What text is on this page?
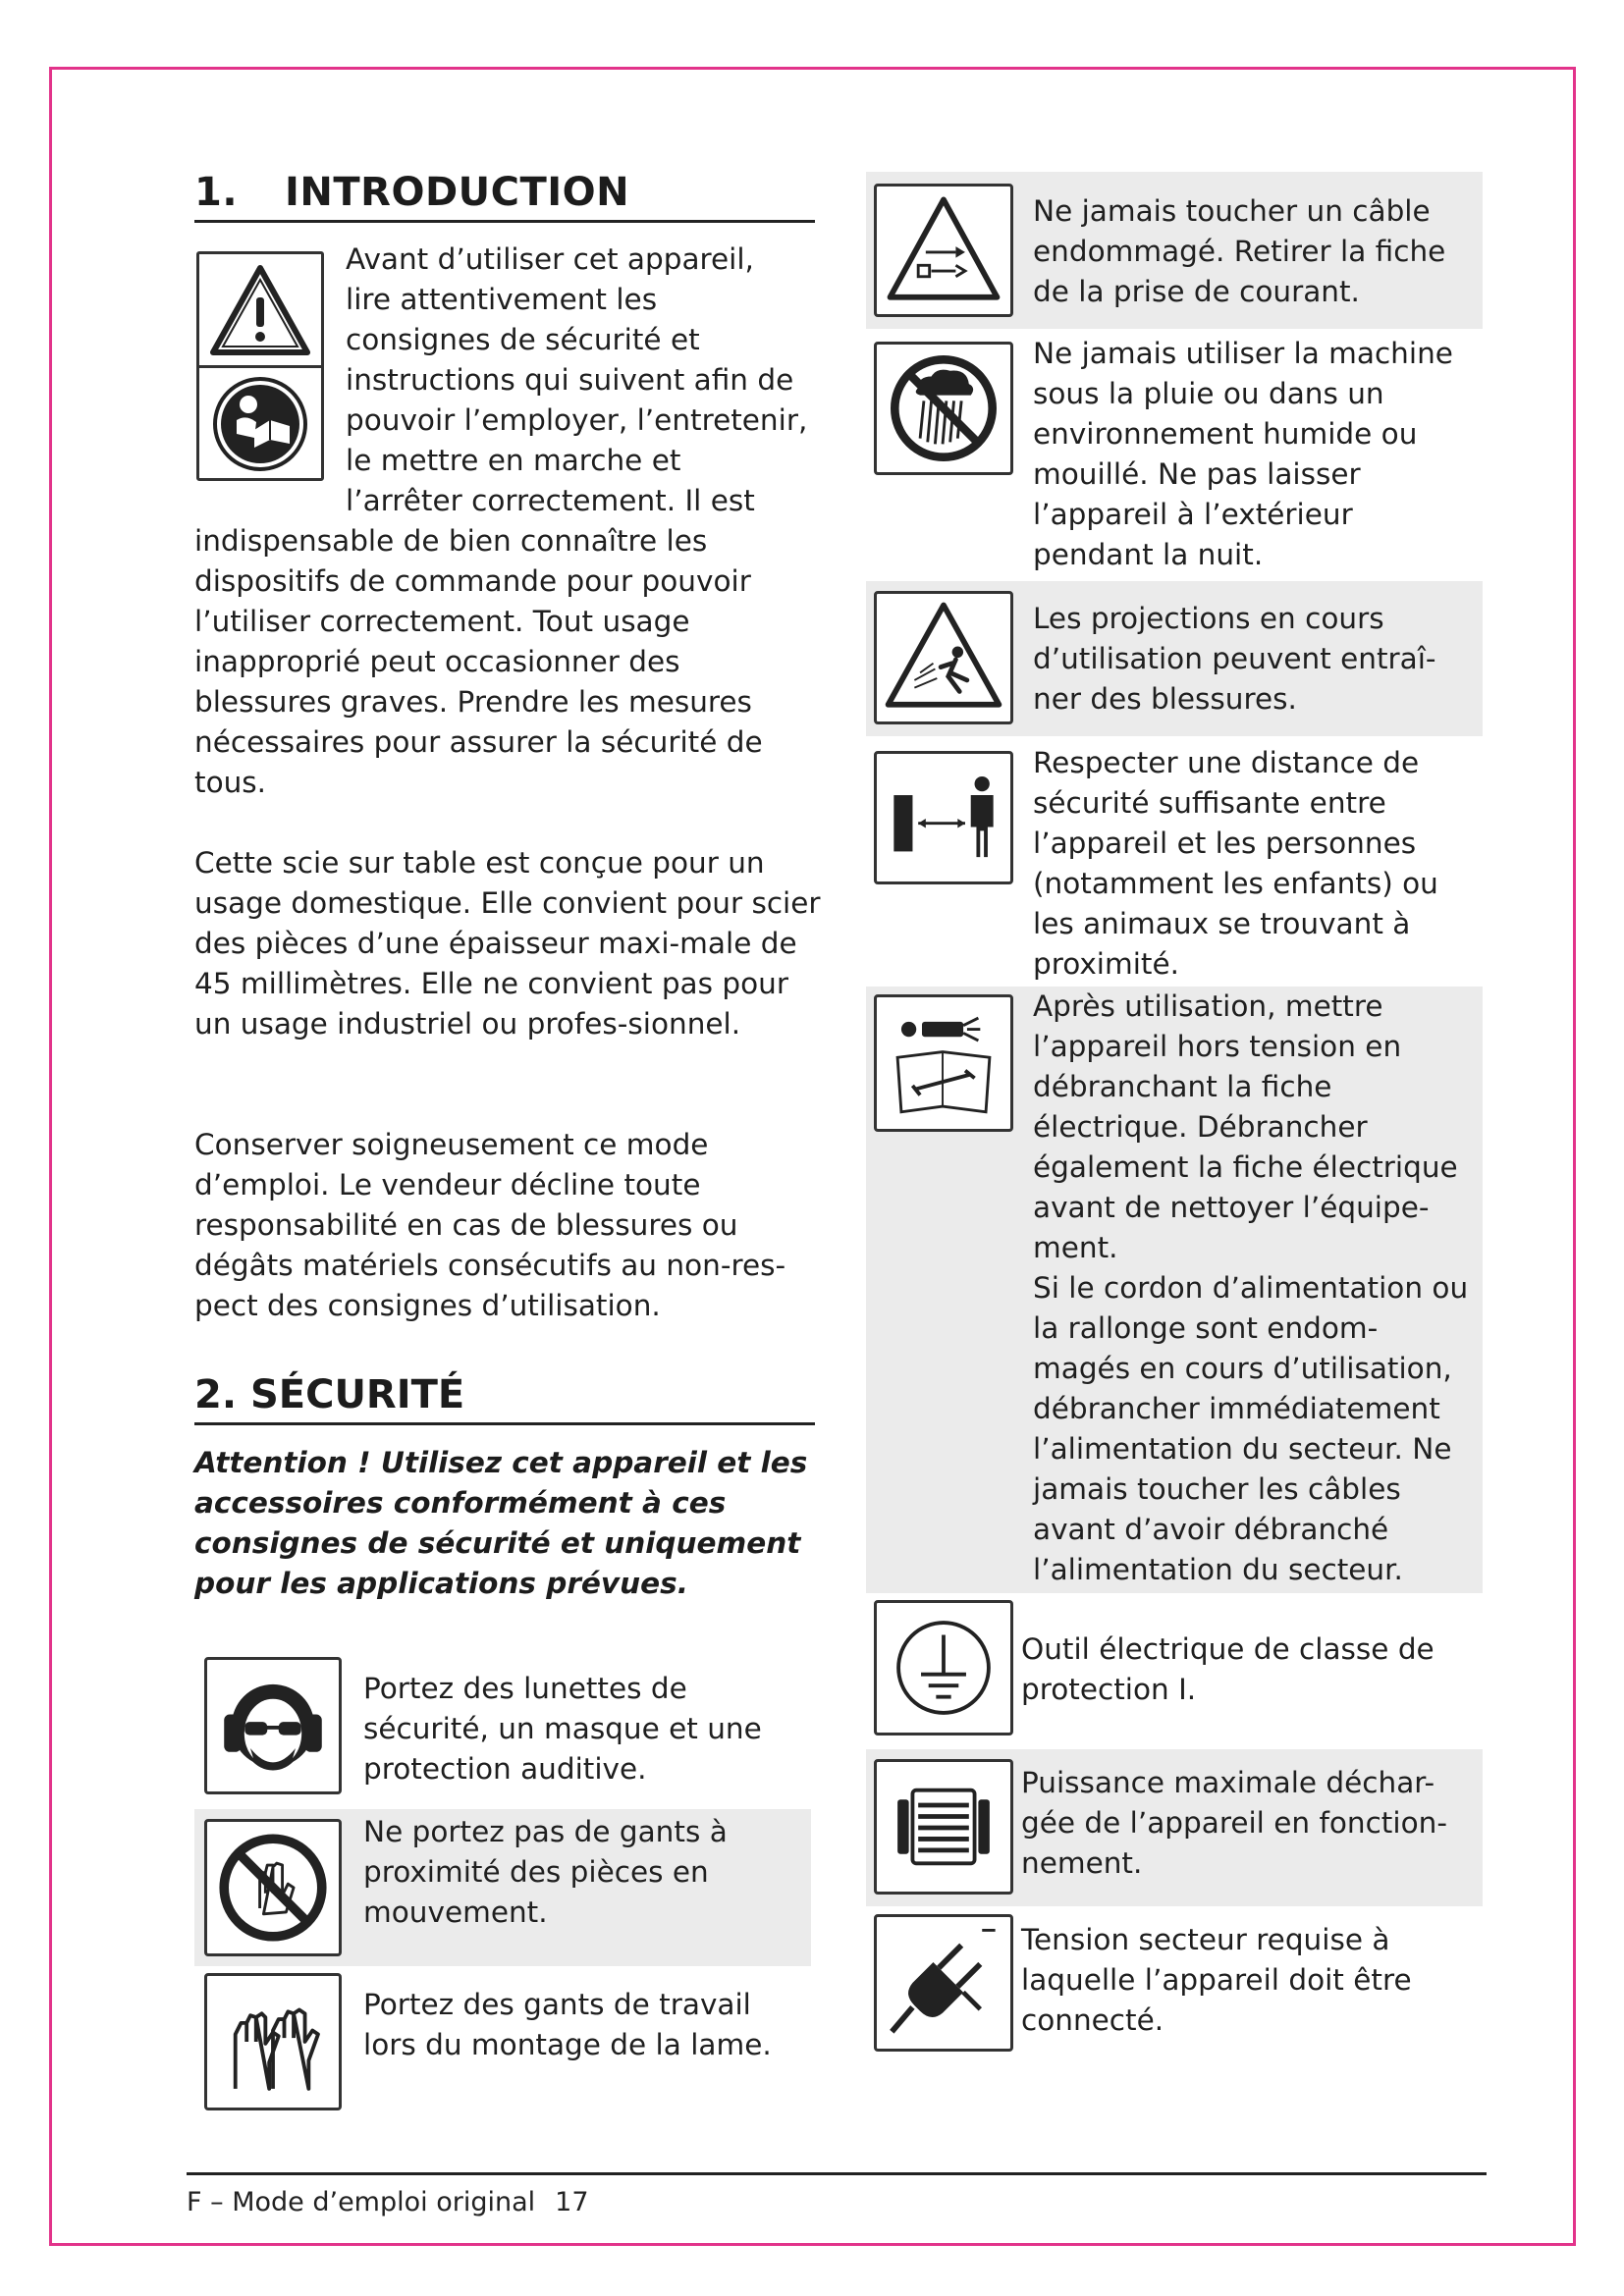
1. INTRODUCTION
Avant d’utiliser cet appareil,
lire attentivement les
consignes de sécurité et
instructions qui suivent afin de
pouvoir l’employer, l’entretenir,
le mettre en marche et
l’arrêter correctement. Il est

indispensable de bien connaître les dispositifs de commande pour pouvoir l’utiliser correctement. Tout usage inapproprié peut occasionner des blessures graves. Prendre les mesures nécessaires pour assurer la sécurité de tous.

Cette scie sur table est conçue pour un usage domestique. Elle convient pour scier des pièces d’une épaisseur maxi-male de 45 millimètres. Elle ne convient pas pour un usage industriel ou profes-sionnel.

Conserver soigneusement ce mode d’emploi. Le vendeur décline toute responsabilité en cas de blessures ou dégâts matériels consécutifs au non-res-pect des consignes d’utilisation.

2. SÉCURITÉ

Attention ! Utilisez cet appareil et les accessoires conformément à ces consignes de sécurité et uniquement pour les applications prévues.

Portez des lunettes de sécurité, un masque et une protection auditive.

Ne portez pas de gants à proximité des pièces en mouvement.

Portez des gants de travail lors du montage de la lame.

Ne jamais toucher un câble endommagé. Retirer la fiche de la prise de courant.

Ne jamais utiliser la machine sous la pluie ou dans un environnement humide ou mouillé. Ne pas laisser l’appareil à l’extérieur pendant la nuit.

Les projections en cours d’utilisation peuvent entraî-ner des blessures.

Respecter une distance de sécurité suffisante entre l’appareil et les personnes (notamment les enfants) ou les animaux se trouvant à proximité.

Après utilisation, mettre l’appareil hors tension en débranchant la fiche électrique. Débrancher également la fiche électrique avant de nettoyer l’équipe-ment.
Si le cordon d’alimentation ou la rallonge sont endom-magés en cours d’utilisation, débrancher immédiatement l’alimentation du secteur. Ne jamais toucher les câbles avant d’avoir débranché l’alimentation du secteur.

Outil électrique de classe de protection I.

Puissance maximale déchar-gée de l’appareil en fonction-nement.

Tension secteur requise à laquelle l’appareil doit être connecté.

F – Mode d’emploi original 17
